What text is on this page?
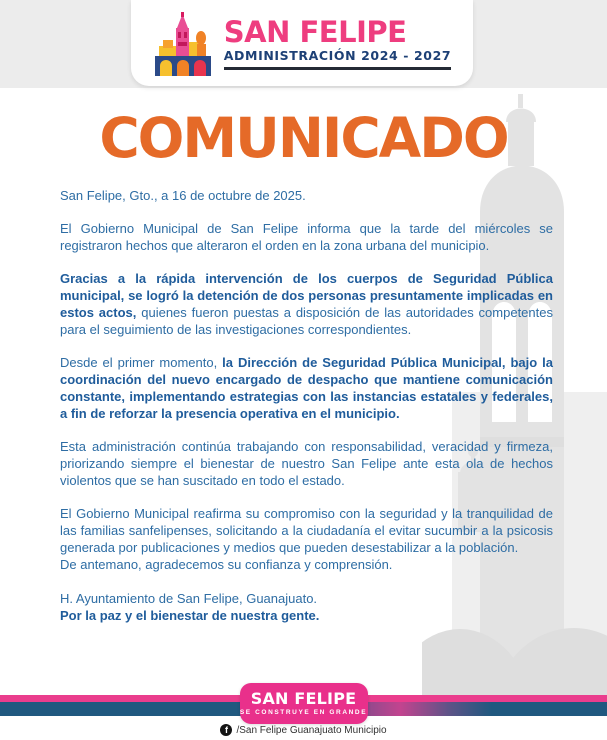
SAN FELIPE
ADMINISTRACIÓN 2024 - 2027
COMUNICADO
San Felipe, Gto., a 16 de octubre de 2025.

El Gobierno Municipal de San Felipe informa que la tarde del miércoles se registraron hechos que alteraron el orden en la zona urbana del municipio.

Gracias a la rápida intervención de los cuerpos de Seguridad Pública municipal, se logró la detención de dos personas presuntamente implicadas en estos actos, quienes fueron puestas a disposición de las autoridades competentes para el seguimiento de las investigaciones correspondientes.

Desde el primer momento, la Dirección de Seguridad Pública Municipal, bajo la coordinación del nuevo encargado de despacho que mantiene comunicación constante, implementando estrategias con las instancias estatales y federales, a fin de reforzar la presencia operativa en el municipio.

Esta administración continúa trabajando con responsabilidad, veracidad y firmeza, priorizando siempre el bienestar de nuestro San Felipe ante esta ola de hechos violentos que se han suscitado en todo el estado.

El Gobierno Municipal reafirma su compromiso con la seguridad y la tranquilidad de las familias sanfelipenses, solicitando a la ciudadanía el evitar sucumbir a la psicosis generada por publicaciones y medios que pueden desestabilizar a la población.

De antemano, agradecemos su confianza y comprensión.

H. Ayuntamiento de San Felipe, Guanajuato.

Por la paz y el bienestar de nuestra gente.

SAN FELIPE
SE CONSTRUYE EN GRANDE
f /San Felipe Guanajuato Municipio
